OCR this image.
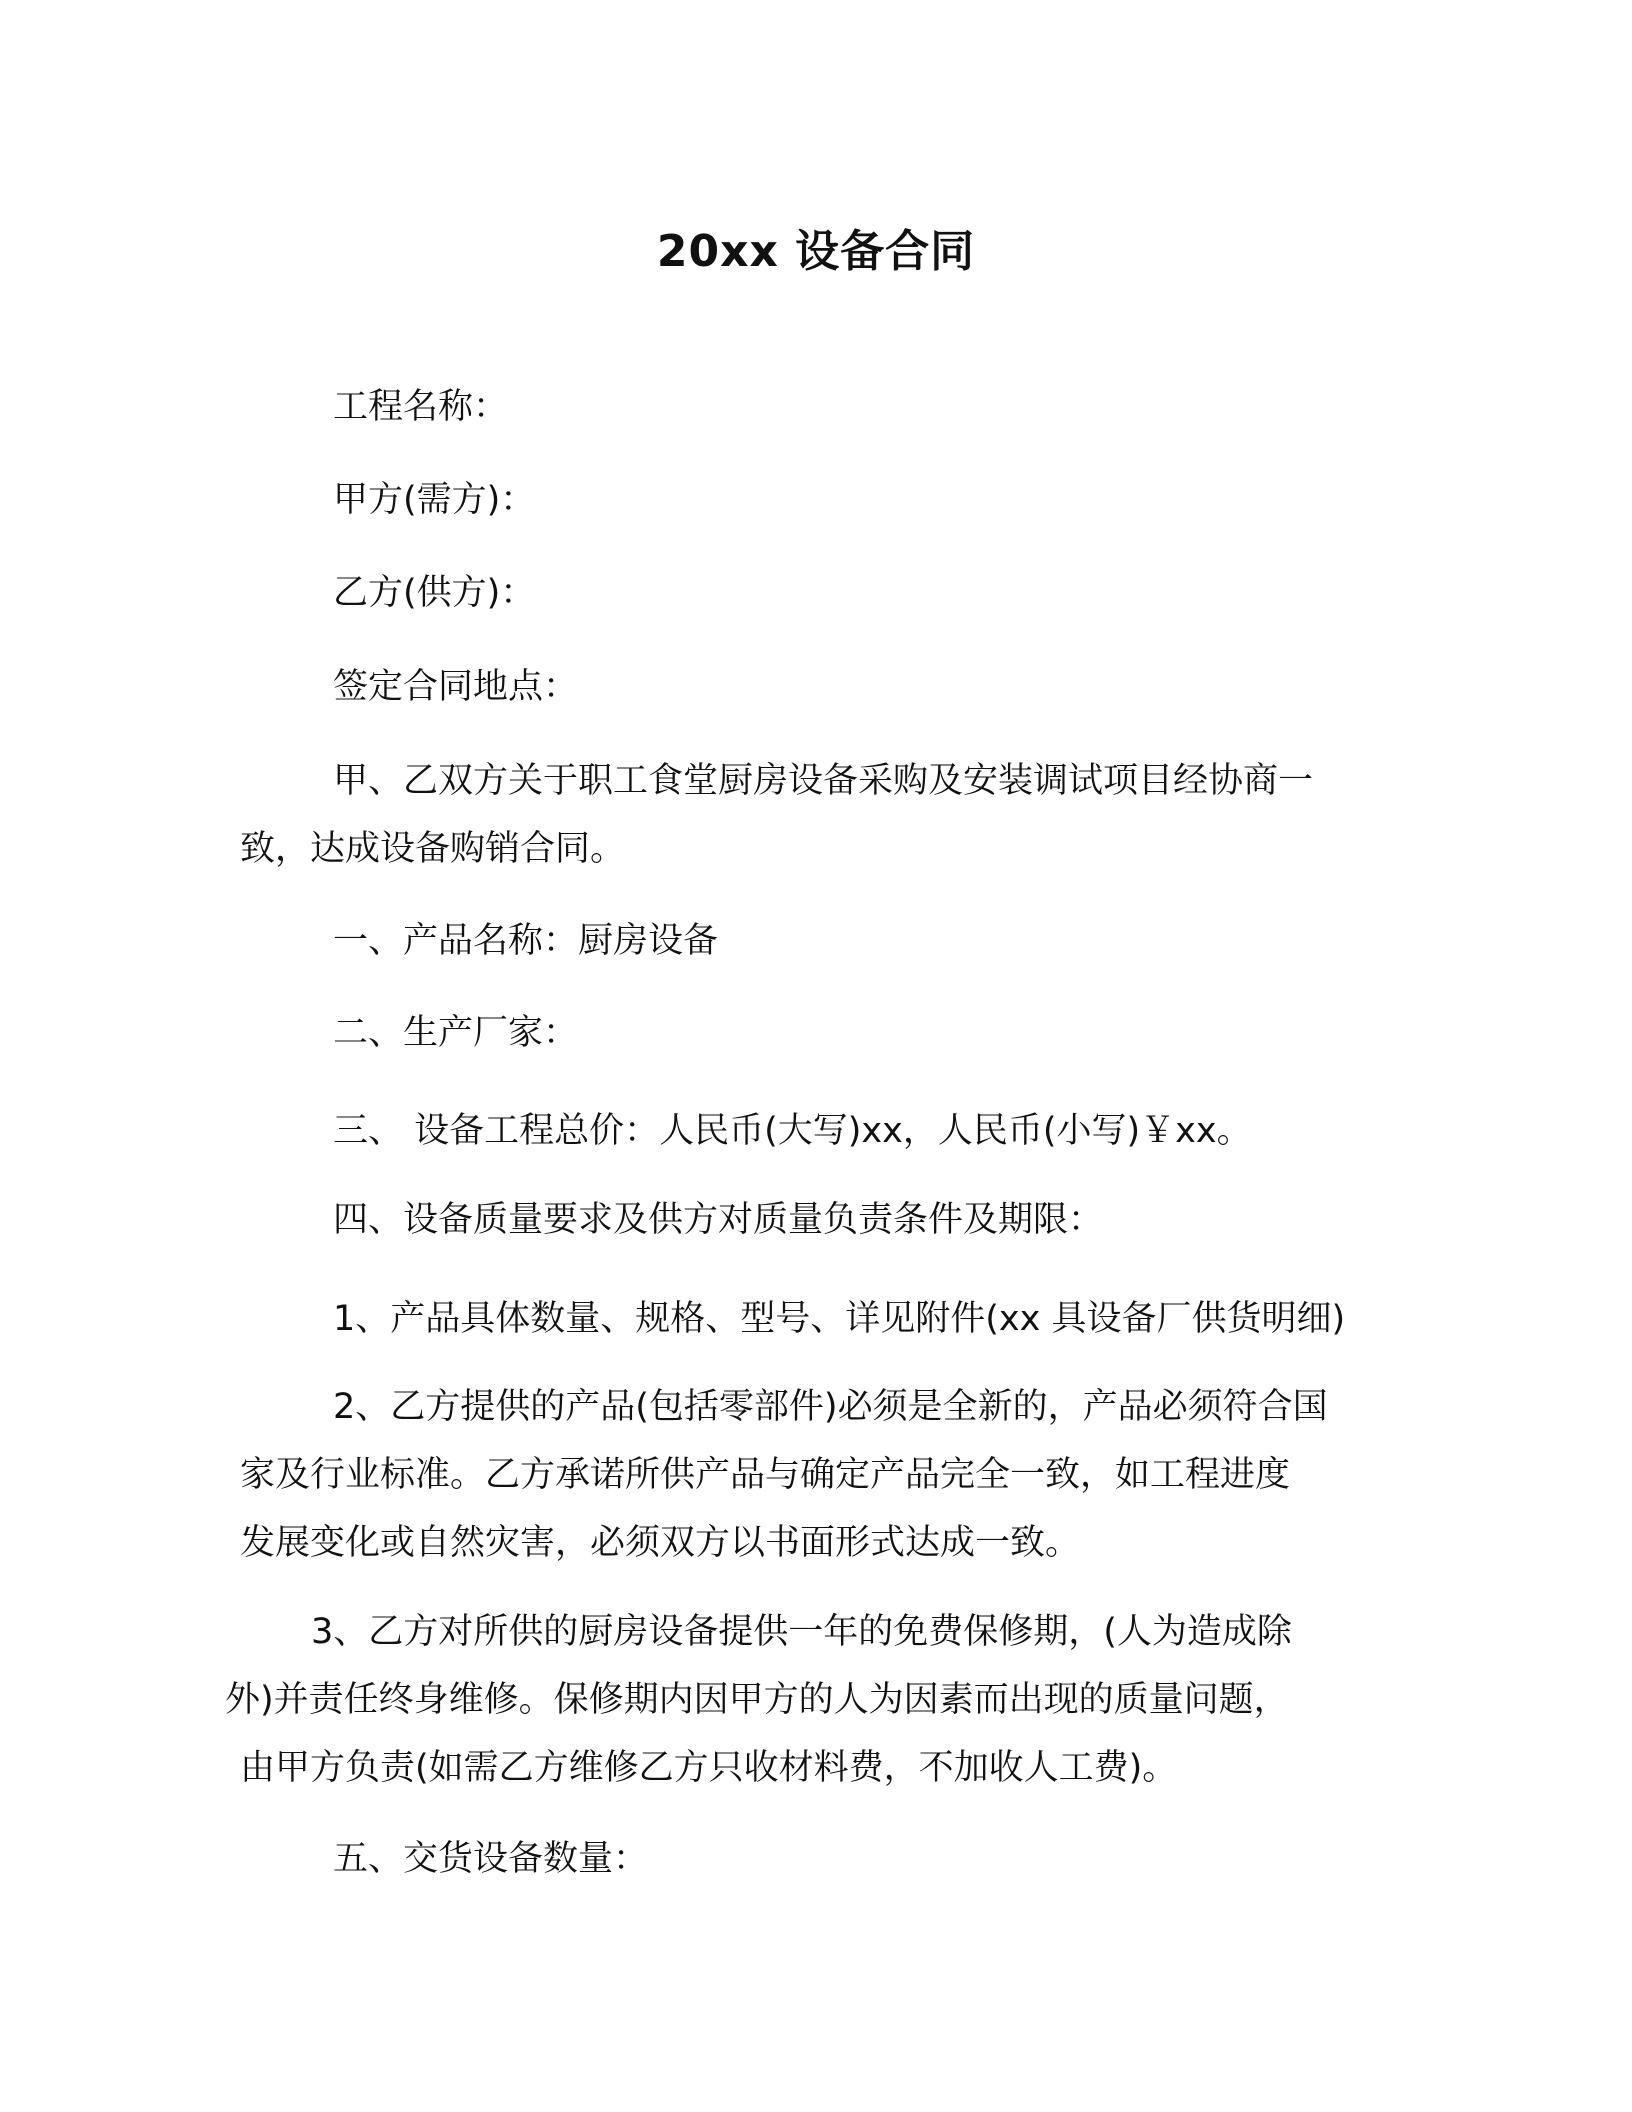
20xx 设备合同
工程名称：
甲方(需方)：
乙方(供方)：
签定合同地点：
甲、乙双方关于职工食堂厨房设备采购及安装调试项目经协商一
致，达成设备购销合同。
一、产品名称：厨房设备
二、生产厂家：
三、 设备工程总价：人民币(大写)xx，人民币(小写)￥xx。
四、设备质量要求及供方对质量负责条件及期限：
1、产品具体数量、规格、型号、详见附件(xx 具设备厂供货明细)
2、乙方提供的产品(包括零部件)必须是全新的，产品必须符合国
家及行业标准。乙方承诺所供产品与确定产品完全一致，如工程进度
发展变化或自然灾害，必须双方以书面形式达成一致。
3、乙方对所供的厨房设备提供一年的免费保修期，(人为造成除
外)并责任终身维修。保修期内因甲方的人为因素而出现的质量问题，
由甲方负责(如需乙方维修乙方只收材料费，不加收人工费)。
五、交货设备数量：
